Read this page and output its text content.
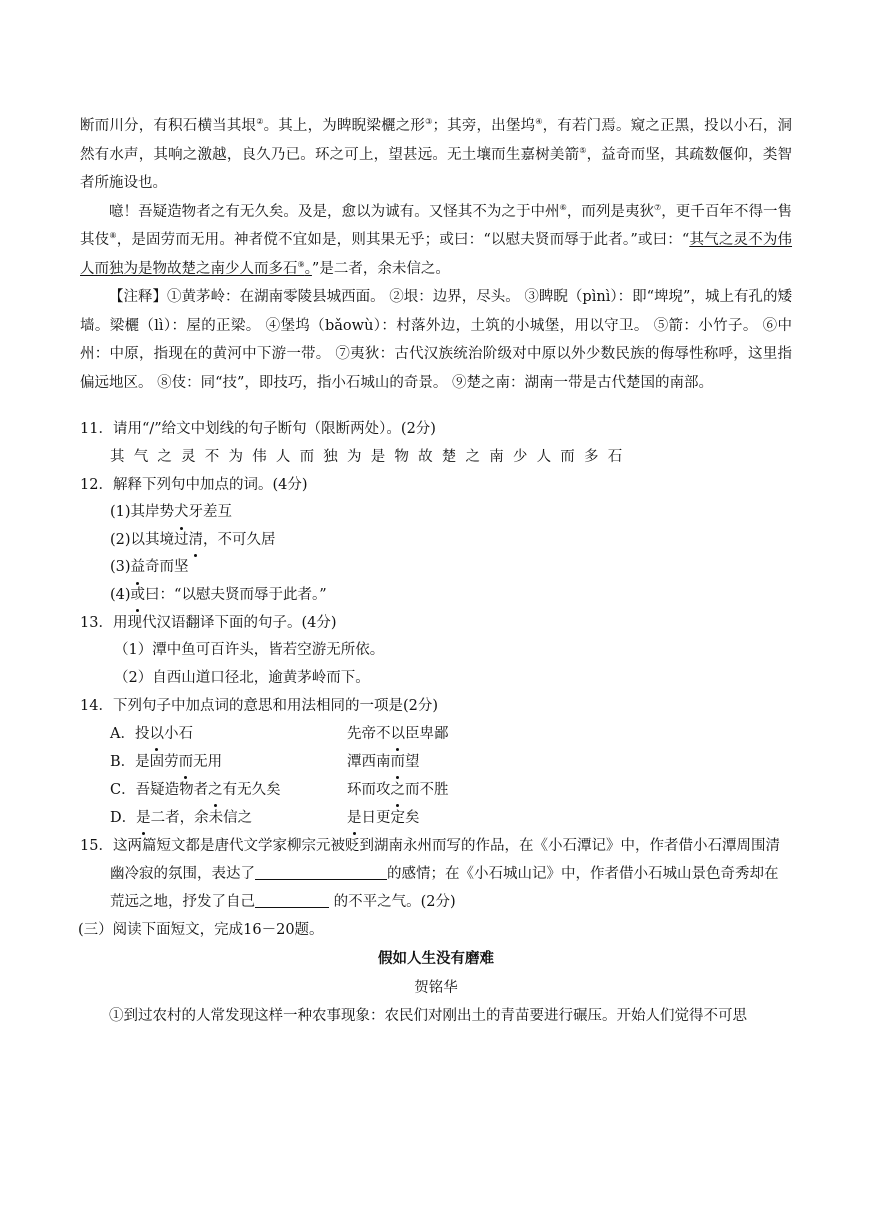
断而川分，有积石横当其垠②。其上，为睥睨梁欐之形③；其旁，出堡坞④，有若门焉。窥之正黑，投以小石，洞然有水声，其响之激越，良久乃已。环之可上，望甚远。无土壤而生嘉树美箭⑤，益奇而坚，其疏数偃仰，类智者所施设也。

噫！吾疑造物者之有无久矣。及是，愈以为诚有。又怪其不为之于中州⑥，而列是夷狄⑦，更千百年不得一售其伎⑧，是固劳而无用。神者傥不宜如是，则其果无乎；或曰：“以慰夫贤而辱于此者。”或曰：“其气之灵不为伟人而独为是物故楚之南少人而多石⑨。”是二者，余未信之。

【注释】①黄茅岭：在湖南零陵县城西面。 ②垠：边界，尽头。 ③睥睨（pìnì）：即“埤堄”，城上有孔的矮墙。梁欐（lì）：屋的正梁。 ④堡坞（bǎowù）：村落外边，土筑的小城堡，用以守卫。 ⑤箭：小竹子。 ⑥中州：中原，指现在的黄河中下游一带。 ⑦夷狄：古代汉族统治阶级对中原以外少数民族的侮辱性称呼，这里指偏远地区。 ⑧伎：同“技”，即技巧，指小石城山的奇景。 ⑨楚之南：湖南一带是古代楚国的南部。

11．请用“/”给文中划线的句子断句（限断两处）。(2分)

其气之灵不为伟人而独为是物故楚之南少人而多石

12．解释下列句中加点的词。(4分)

(1)其岸势犬牙差互

(2)以其境过清，不可久居

(3)益奇而坚

(4)或曰：“以慰夫贤而辱于此者。”

13．用现代汉语翻译下面的句子。(4分)

（1）潭中鱼可百许头，皆若空游无所依。

（2）自西山道口径北，逾黄茅岭而下。

14．下列句子中加点词的意思和用法相同的一项是(2分)

A．投以小石	先帝不以臣卑鄙
B．是固劳而无用	潭西南而望
C．吾疑造物者之有无久矣	环而攻之而不胜
D．是二者，余未信之	是日更定矣

15．这两篇短文都是唐代文学家柳宗元被贬到湖南永州而写的作品，在《小石潭记》中，作者借小石潭周围清幽冷寂的氛围，表达了	的感情；在《小石城山记》中，作者借小石城山景色奇秀却在荒远之地，抒发了自己	的不平之气。(2分)

(三）阅读下面短文，完成16－20题。

假如人生没有磨难

贺铭华

①到过农村的人常发现这样一种农事现象：农民们对刚出土的青苗要进行碾压。开始人们觉得不可思
